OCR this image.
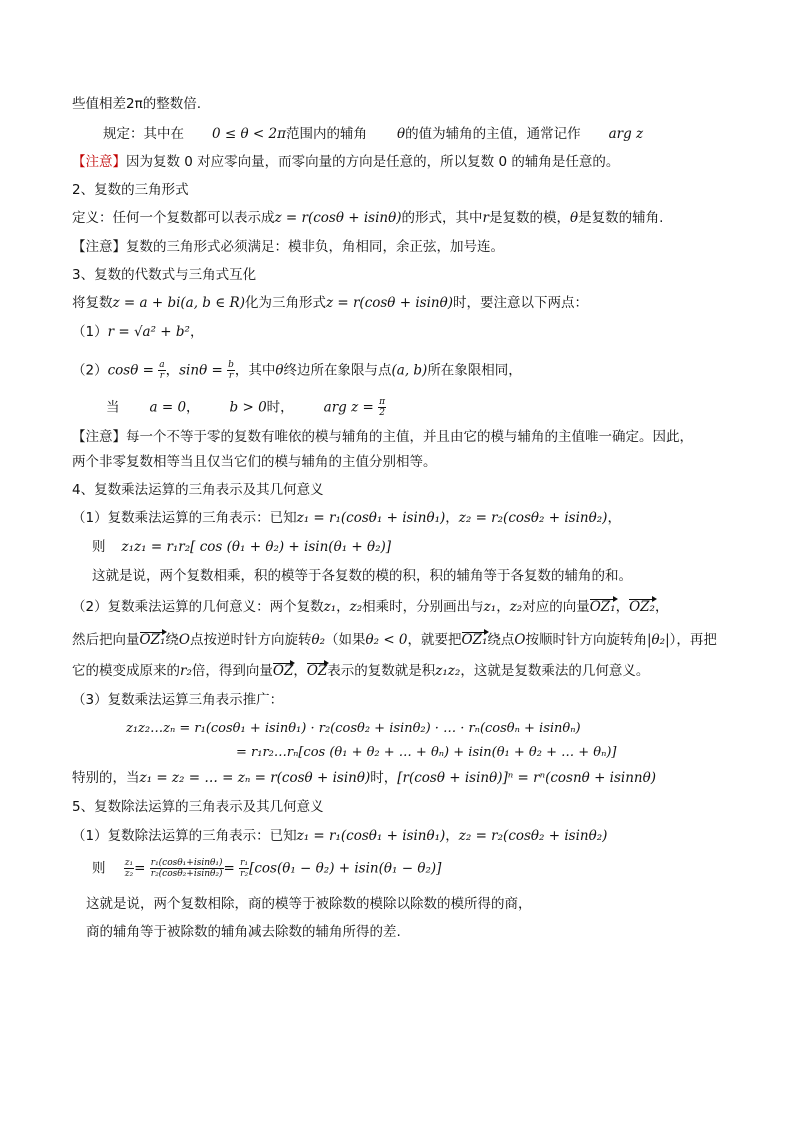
些值相差2π的整数倍.
规定：其中在 0 ≤ θ < 2π范围内的辅角 θ的值为辅角的主值，通常记作 arg z
【注意】因为复数 0 对应零向量，而零向量的方向是任意的，所以复数 0 的辅角是任意的。
2、复数的三角形式
定义：任何一个复数都可以表示成z = r(cosθ + isinθ)的形式，其中r是复数的模，θ是复数的辅角.
【注意】复数的三角形式必须满足：模非负，角相同，余正弦，加号连。
3、复数的代数式与三角式互化
将复数z = a + bi(a, b ∈ R)化为三角形式z = r(cosθ + isinθ)时，要注意以下两点：
（1）r = √a² + b²，
$(2)\cos\theta = \frac{a}{r}$ ，$\sin\theta = \frac{b}{r}$ ，其中θ终边所在象限与点(a, b)所在象限相同，
当 a = 0， b > 0时， arg $z = \frac{\pi}{2}$
【注意】每一个不等于零的复数有唯依的模与辅角的主值，并且由它的模与辅角的主值唯一确定。因此，
两个非零复数相等当且仅当它们的模与辅角的主值分别相等。
4、复数乘法运算的三角表示及其几何意义
（1）复数乘法运算的三角表示：已知z₁ = r₁(cosθ₁ + isinθ₁)，z₂ = r₂(cosθ₂ + isinθ₂)，
则 z₁z₁ = r₁r₂[ cos (θ₁ + θ₂) + isin(θ₁ + θ₂)]
这就是说，两个复数相乘，积的模等于各复数的模的积，积的辅角等于各复数的辅角的和。
（2）复数乘法运算的几何意义：两个复数z₁，z₂相乘时，分别画出与z₁，z₂对应的向量OZ₁，OZ₂，
然后把向量OZ₁绕O点按逆时针方向旋转θ₂（如果θ₂ < 0，就要把OZ₁绕点O按顺时针方向旋转角|θ₂|），再把
它的模变成原来的r₂倍，得到向量OZ，OZ表示的复数就是积z₁z₂，这就是复数乘法的几何意义。
（3）复数乘法运算三角表示推广：
z₁z₂…zₙ = r₁(cosθ₁ + isinθ₁) · r₂(cosθ₂ + isinθ₂) · … · rₙ(cosθₙ + isinθₙ)
= r₁r₂…rₙ[cos (θ₁ + θ₂ + … + θₙ) + isin(θ₁ + θ₂ + … + θₙ)]
特别的，当z₁ = z₂ = … = zₙ = r(cosθ + isinθ)时，[r(cosθ + isinθ)]ⁿ = rⁿ(cosnθ + isinnθ)
5、复数除法运算的三角表示及其几何意义
（1）复数除法运算的三角表示：已知z₁ = r₁(cosθ₁ + isinθ₁)，z₂ = r₂(cosθ₂ + isinθ₂)
则 $\frac{\text{z₁}}{\text{z₂}} = \frac{\text{r₁(cosθ₁+isinθ₁)}}{\text{r₂(cosθ₂+isinθ₂)}} = \frac{\text{r₁}}{\text{r₂}} [\cos(\theta_1 - \theta_2) + isin(\theta_1 - \theta_2)]$
这就是说，两个复数相除，商的模等于被除数的模除以除数的模所得的商，
商的辅角等于被除数的辅角减去除数的辅角所得的差.
